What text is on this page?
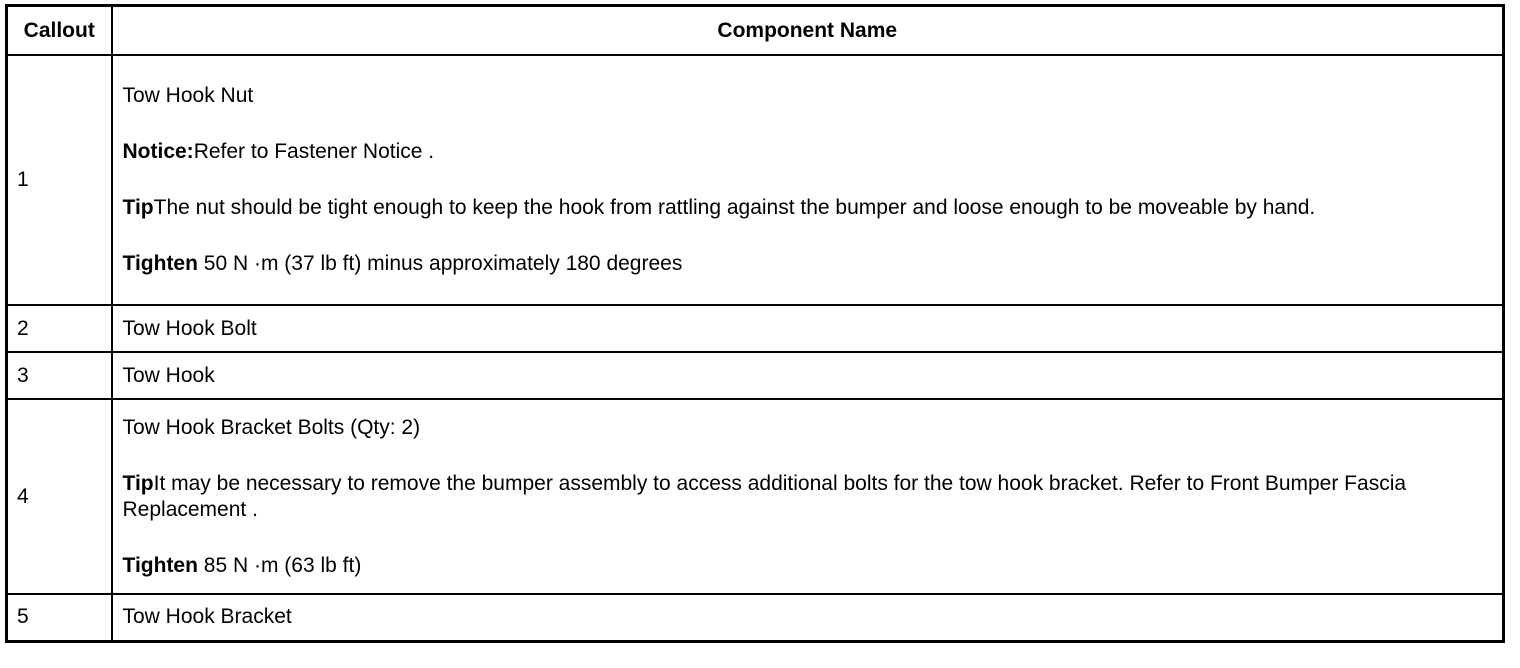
Callout	Component Name
1	Tow Hook Nut

Notice:Refer to Fastener Notice .

TipThe nut should be tight enough to keep the hook from rattling against the bumper and loose enough to be moveable by hand.

Tighten 50 N ·m (37 lb ft) minus approximately 180 degrees

2	Tow Hook Bolt
3	Tow Hook
4	Tow Hook Bracket Bolts (Qty: 2)

TipIt may be necessary to remove the bumper assembly to access additional bolts for the tow hook bracket. Refer to Front Bumper Fascia Replacement .

Tighten 85 N ·m (63 lb ft)

5	Tow Hook Bracket
